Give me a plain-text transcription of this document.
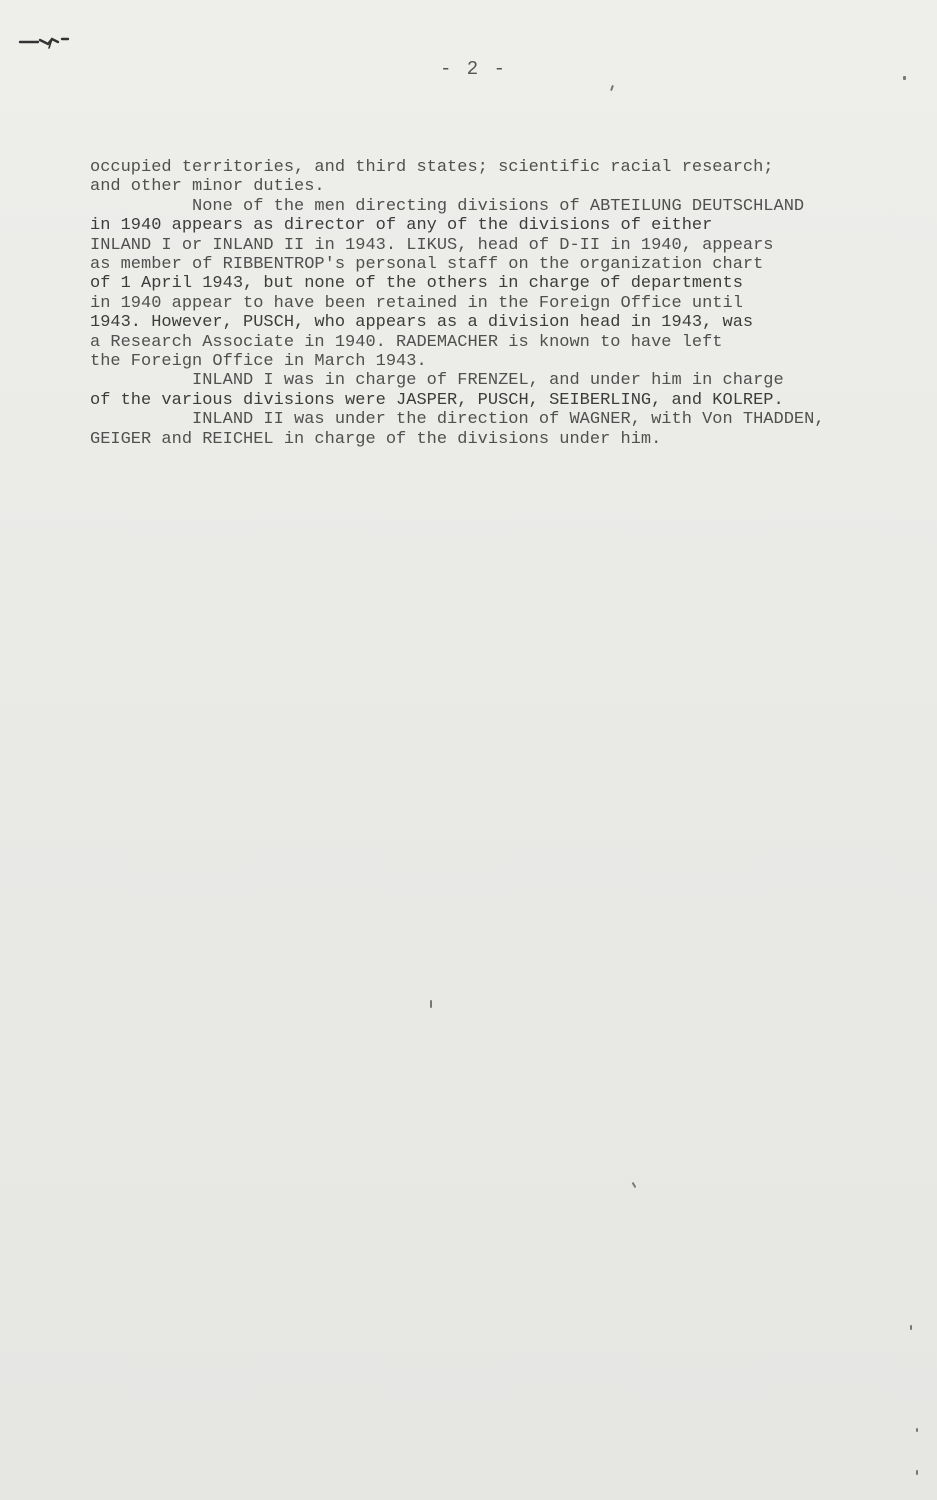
- 2 -
occupied territories, and third states; scientific racial research;
and other minor duties.
None of the men directing divisions of ABTEILUNG DEUTSCHLAND
in 1940 appears as director of any of the divisions of either
INLAND I or INLAND II in 1943. LIKUS, head of D-II in 1940, appears
as member of RIBBENTROP's personal staff on the organization chart
of 1 April 1943, but none of the others in charge of departments
in 1940 appear to have been retained in the Foreign Office until
1943. However, PUSCH, who appears as a division head in 1943, was
a Research Associate in 1940. RADEMACHER is known to have left
the Foreign Office in March 1943.
INLAND I was in charge of FRENZEL, and under him in charge
of the various divisions were JASPER, PUSCH, SEIBERLING, and KOLREP.
INLAND II was under the direction of WAGNER, with Von THADDEN,
GEIGER and REICHEL in charge of the divisions under him.
